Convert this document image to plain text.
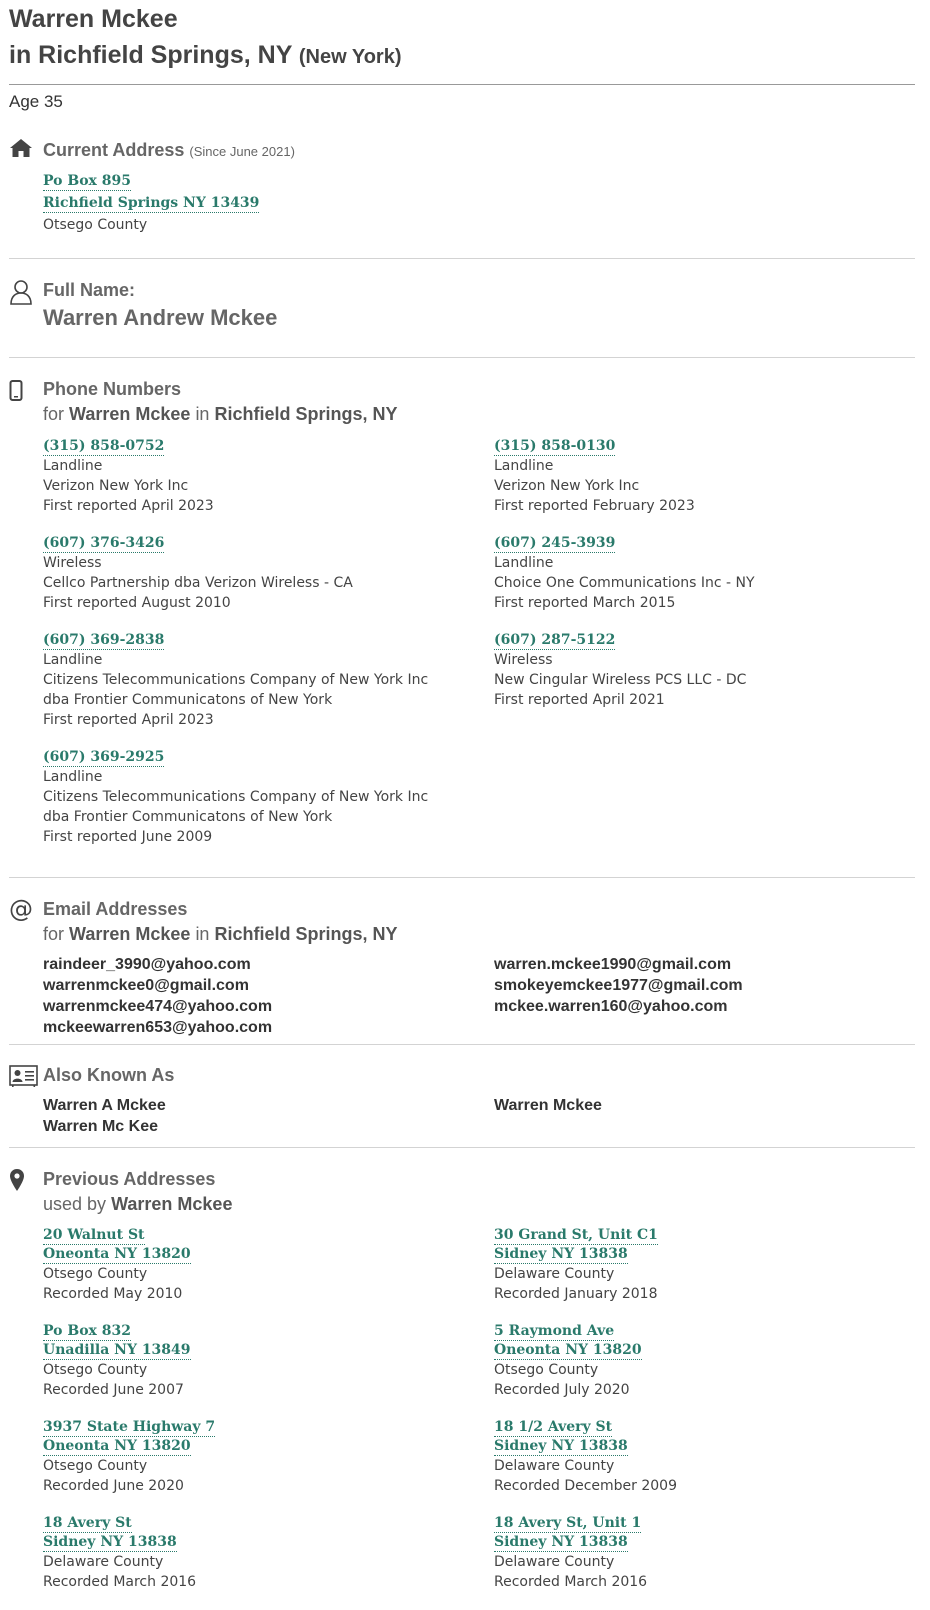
Warren Mckee
in Richfield Springs, NY (New York)
Age 35
Current Address (Since June 2021)
Po Box 895
Richfield Springs NY 13439
Otsego County
Full Name:
Warren Andrew Mckee
Phone Numbers
for Warren Mckee in Richfield Springs, NY
(315) 858-0752
Landline
Verizon New York Inc
First reported April 2023
(315) 858-0130
Landline
Verizon New York Inc
First reported February 2023
(607) 376-3426
Wireless
Cellco Partnership dba Verizon Wireless - CA
First reported August 2010
(607) 245-3939
Landline
Choice One Communications Inc - NY
First reported March 2015
(607) 369-2838
Landline
Citizens Telecommunications Company of New York Inc dba Frontier Communicatons of New York
First reported April 2023
(607) 287-5122
Wireless
New Cingular Wireless PCS LLC - DC
First reported April 2021
(607) 369-2925
Landline
Citizens Telecommunications Company of New York Inc dba Frontier Communicatons of New York
First reported June 2009
@ Email Addresses
for Warren Mckee in Richfield Springs, NY
raindeer_3990@yahoo.com
warrenmckee0@gmail.com
warrenmckee474@yahoo.com
mckeewarren653@yahoo.com
warren.mckee1990@gmail.com
smokeyemckee1977@gmail.com
mckee.warren160@yahoo.com
Also Known As
Warren A Mckee
Warren Mc Kee
Warren Mckee
Previous Addresses
used by Warren Mckee
20 Walnut St
Oneonta NY 13820
Otsego County
Recorded May 2010
30 Grand St, Unit C1
Sidney NY 13838
Delaware County
Recorded January 2018
Po Box 832
Unadilla NY 13849
Otsego County
Recorded June 2007
5 Raymond Ave
Oneonta NY 13820
Otsego County
Recorded July 2020
3937 State Highway 7
Oneonta NY 13820
Otsego County
Recorded June 2020
18 1/2 Avery St
Sidney NY 13838
Delaware County
Recorded December 2009
18 Avery St
Sidney NY 13838
Delaware County
Recorded March 2016
18 Avery St, Unit 1
Sidney NY 13838
Delaware County
Recorded March 2016
